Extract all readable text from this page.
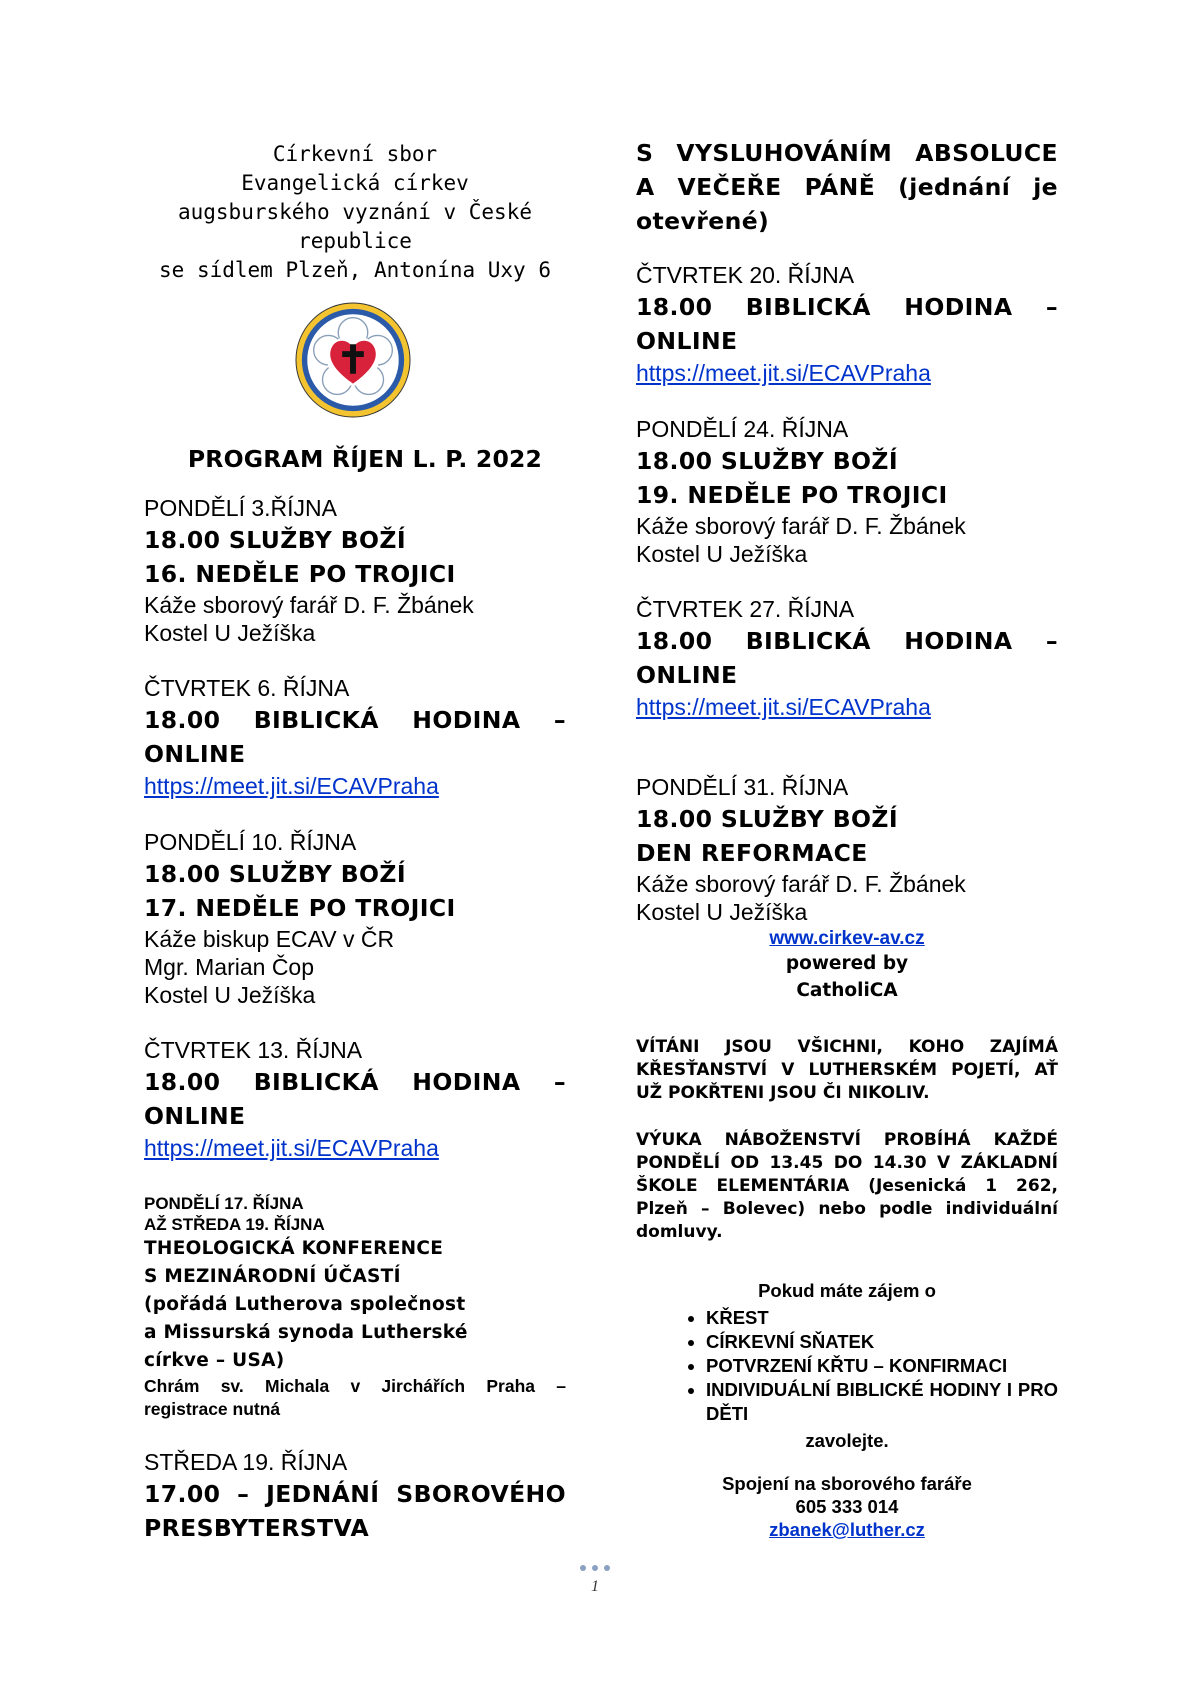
Církevní sbor
Evangelická církev
augsburského vyznání v České
republice
se sídlem Plzeň, Antonína Uxy 6
PROGRAM ŘÍJEN L. P. 2022
PONDĚLÍ 3.ŘÍJNA
18.00 SLUŽBY BOŽÍ
16. NEDĚLE PO TROJICI
Káže sborový farář D. F. Žbánek
Kostel U Ježíška
ČTVRTEK 6. ŘÍJNA
18.00 BIBLICKÁ HODINA –
ONLINE
https://meet.jit.si/ECAVPraha
PONDĚLÍ 10. ŘÍJNA
18.00 SLUŽBY BOŽÍ
17. NEDĚLE PO TROJICI
Káže biskup ECAV v ČR
Mgr. Marian Čop
Kostel U Ježíška
ČTVRTEK 13. ŘÍJNA
18.00 BIBLICKÁ HODINA –
ONLINE
https://meet.jit.si/ECAVPraha
PONDĚLÍ 17. ŘÍJNA
AŽ STŘEDA 19. ŘÍJNA
THEOLOGICKÁ KONFERENCE
S MEZINÁRODNÍ ÚČASTÍ
(pořádá Lutherova společnost
a Missurská synoda Lutherské
církve – USA)
Chrám sv. Michala v Jirchářích Praha –
registrace nutná
STŘEDA 19. ŘÍJNA
17.00 – JEDNÁNÍ SBOROVÉHO
PRESBYTERSTVA
S VYSLUHOVÁNÍM ABSOLUCE
A VEČEŘE PÁNĚ (jednání je
otevřené)
ČTVRTEK 20. ŘÍJNA
18.00 BIBLICKÁ HODINA –
ONLINE
https://meet.jit.si/ECAVPraha
PONDĚLÍ 24. ŘÍJNA
18.00 SLUŽBY BOŽÍ
19. NEDĚLE PO TROJICI
Káže sborový farář D. F. Žbánek
Kostel U Ježíška
ČTVRTEK 27. ŘÍJNA
18.00 BIBLICKÁ HODINA –
ONLINE
https://meet.jit.si/ECAVPraha
PONDĚLÍ 31. ŘÍJNA
18.00 SLUŽBY BOŽÍ
DEN REFORMACE
Káže sborový farář D. F. Žbánek
Kostel U Ježíška
www.cirkev-av.cz
powered by
CatholiCA
VÍTÁNI JSOU VŠICHNI, KOHO ZAJÍMÁ
KŘESŤANSTVÍ V LUTHERSKÉM POJETÍ, AŤ
UŽ POKŘTENI JSOU ČI NIKOLIV.
VÝUKA NÁBOŽENSTVÍ PROBÍHÁ KAŽDÉ
PONDĚLÍ OD 13.45 DO 14.30 V ZÁKLADNÍ
ŠKOLE ELEMENTÁRIA (Jesenická 1 262,
Plzeň – Bolevec) nebo podle individuální
domluvy.
Pokud máte zájem o
• KŘEST
• CÍRKEVNÍ SŇATEK
• POTVRZENÍ KŘTU – KONFIRMACI
• INDIVIDUÁLNÍ BIBLICKÉ HODINY I PRO DĚTI
zavolejte.
Spojení na sborového faráře
605 333 014
zbanek@luther.cz
1
